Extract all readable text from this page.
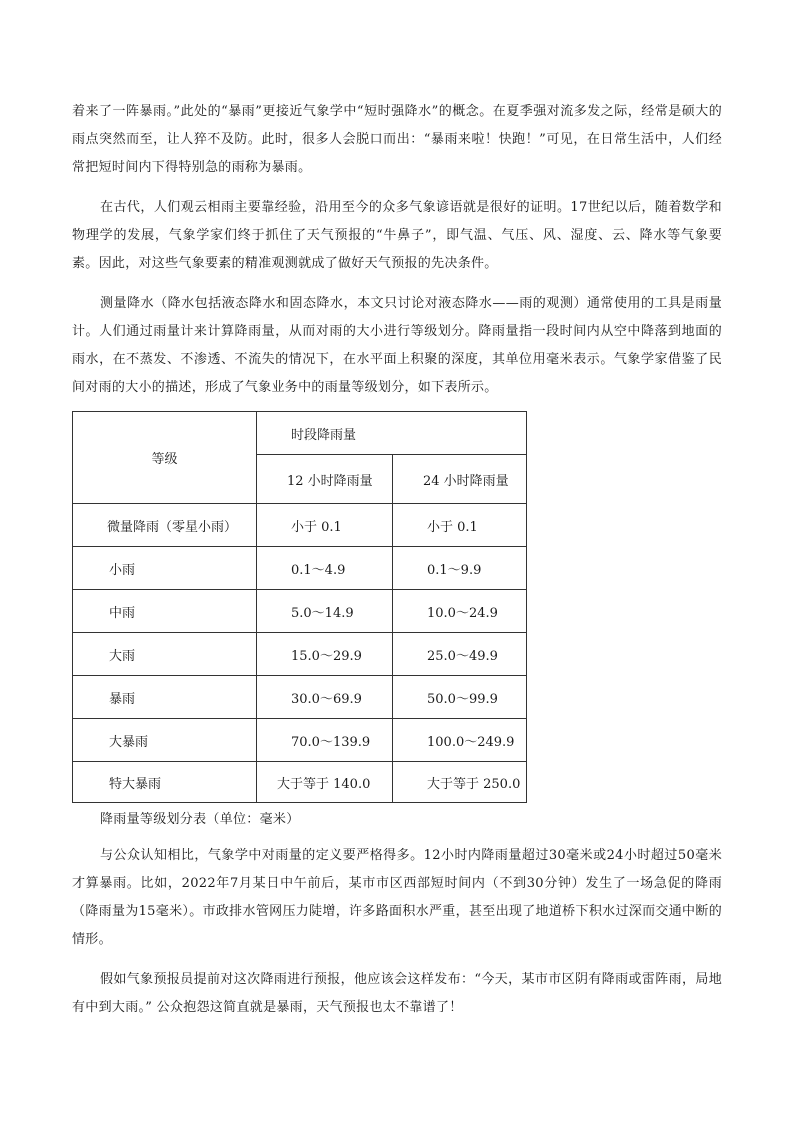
着来了一阵暴雨。”此处的“暴雨”更接近气象学中“短时强降水”的概念。在夏季强对流多发之际，经常是硕大的雨点突然而至，让人猝不及防。此时，很多人会脱口而出：“暴雨来啦！快跑！”可见，在日常生活中，人们经常把短时间内下得特别急的雨称为暴雨。

在古代，人们观云相雨主要靠经验，沿用至今的众多气象谚语就是很好的证明。17世纪以后，随着数学和物理学的发展，气象学家们终于抓住了天气预报的“牛鼻子”，即气温、气压、风、湿度、云、降水等气象要素。因此，对这些气象要素的精准观测就成了做好天气预报的先决条件。

测量降水（降水包括液态降水和固态降水，本文只讨论对液态降水——雨的观测）通常使用的工具是雨量计。人们通过雨量计来计算降雨量，从而对雨的大小进行等级划分。降雨量指一段时间内从空中降落到地面的雨水，在不蒸发、不渗透、不流失的情况下，在水平面上积聚的深度，其单位用毫米表示。气象学家借鉴了民间对雨的大小的描述，形成了气象业务中的雨量等级划分，如下表所示。

等级	时段降雨量	
	12 小时降雨量	24 小时降雨量
微量降雨（零星小雨）	小于 0.1	小于 0.1
小雨	0.1～4.9	0.1～9.9
中雨	5.0～14.9	10.0～24.9
大雨	15.0～29.9	25.0～49.9
暴雨	30.0～69.9	50.0～99.9
大暴雨	70.0～139.9	100.0～249.9
特大暴雨	大于等于 140.0	大于等于 250.0
降雨量等级划分表（单位：毫米）

与公众认知相比，气象学中对雨量的定义要严格得多。12小时内降雨量超过30毫米或24小时超过50毫米才算暴雨。比如，2022年7月某日中午前后，某市市区西部短时间内（不到30分钟）发生了一场急促的降雨（降雨量为15毫米）。市政排水管网压力陡增，许多路面积水严重，甚至出现了地道桥下积水过深而交通中断的情形。

假如气象预报员提前对这次降雨进行预报，他应该会这样发布：“今天，某市市区阴有降雨或雷阵雨，局地有中到大雨。” 公众抱怨这简直就是暴雨，天气预报也太不靠谱了！
